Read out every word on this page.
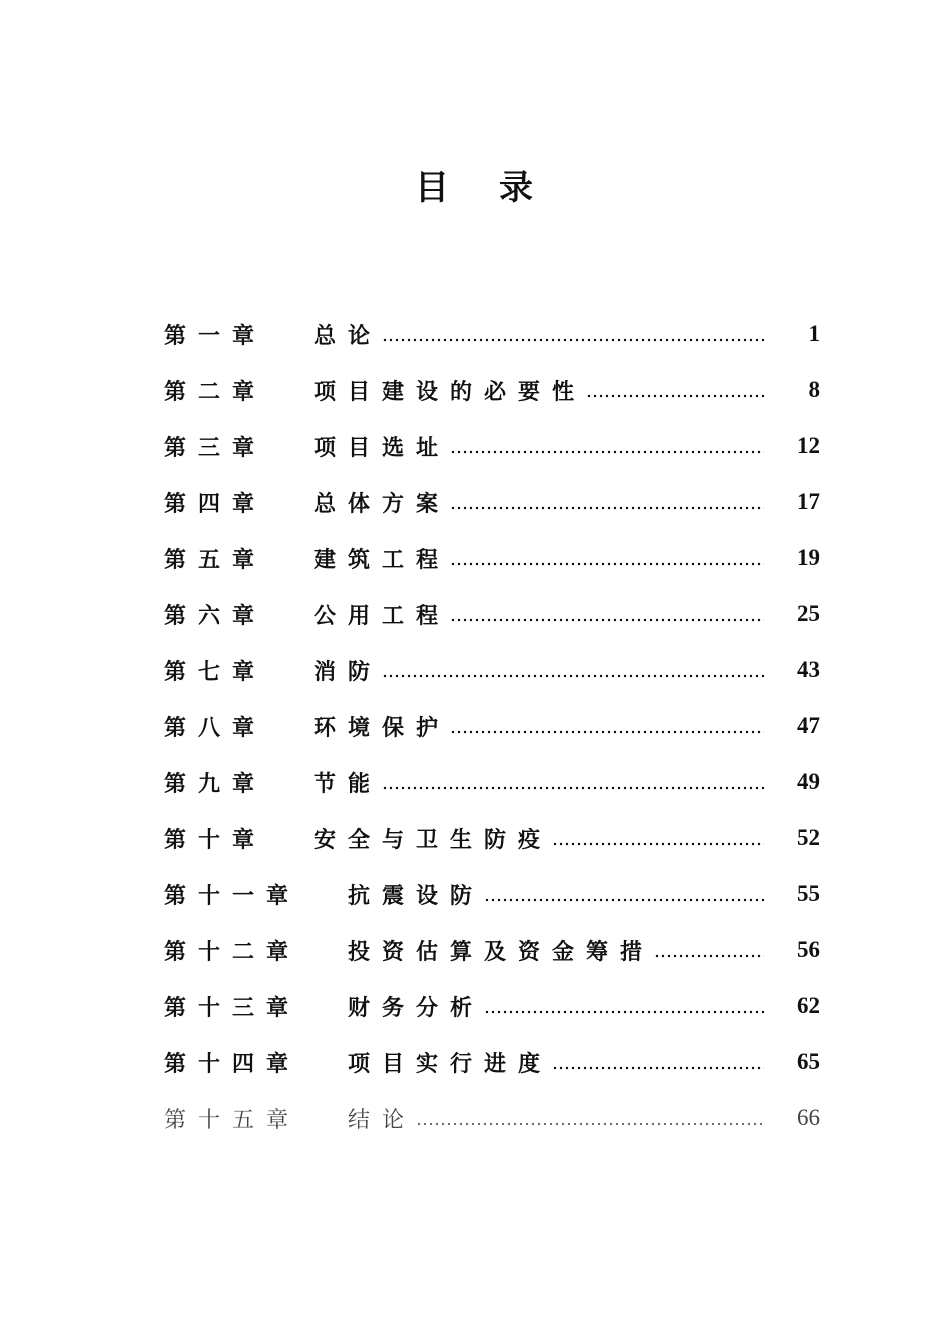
目 录
第一章	总论	1
第二章	项目建设的必要性	8
第三章	项目选址	12
第四章	总体方案	17
第五章	建筑工程	19
第六章	公用工程	25
第七章	消防	43
第八章	环境保护	47
第九章	节能	49
第十章	安全与卫生防疫	52
第十一章	抗震设防	55
第十二章	投资估算及资金筹措	56
第十三章	财务分析	62
第十四章	项目实行进度	65
第十五章	结论	66
